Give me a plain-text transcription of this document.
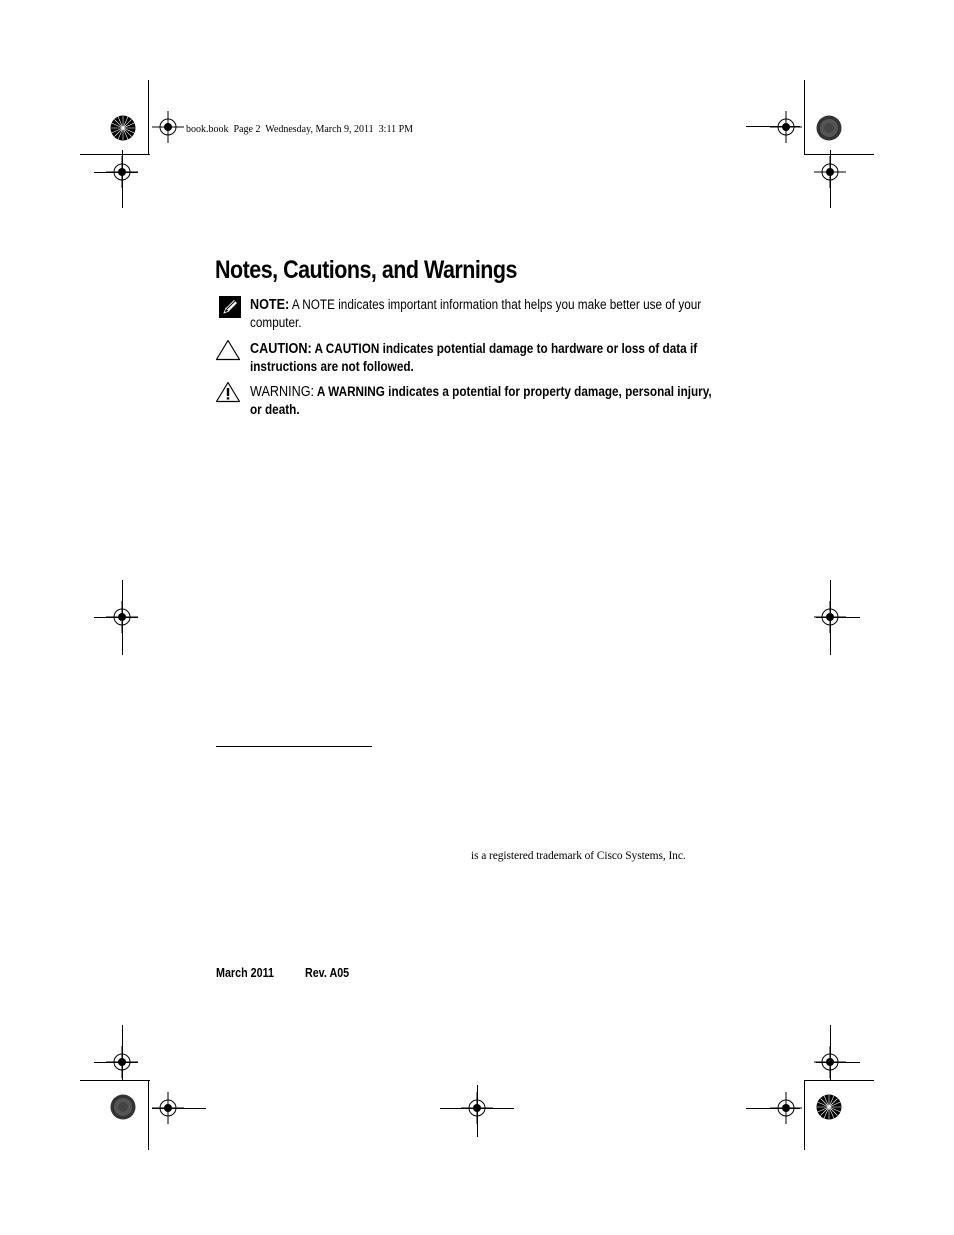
book.book  Page 2  Wednesday, March 9, 2011  3:11 PM
Notes, Cautions, and Warnings
NOTE: A NOTE indicates important information that helps you make better use of your computer.
CAUTION: A CAUTION indicates potential damage to hardware or loss of data if instructions are not followed.
WARNING: A WARNING indicates a potential for property damage, personal injury, or death.
is a registered trademark of Cisco Systems, Inc.
March 2011 Rev. A05
